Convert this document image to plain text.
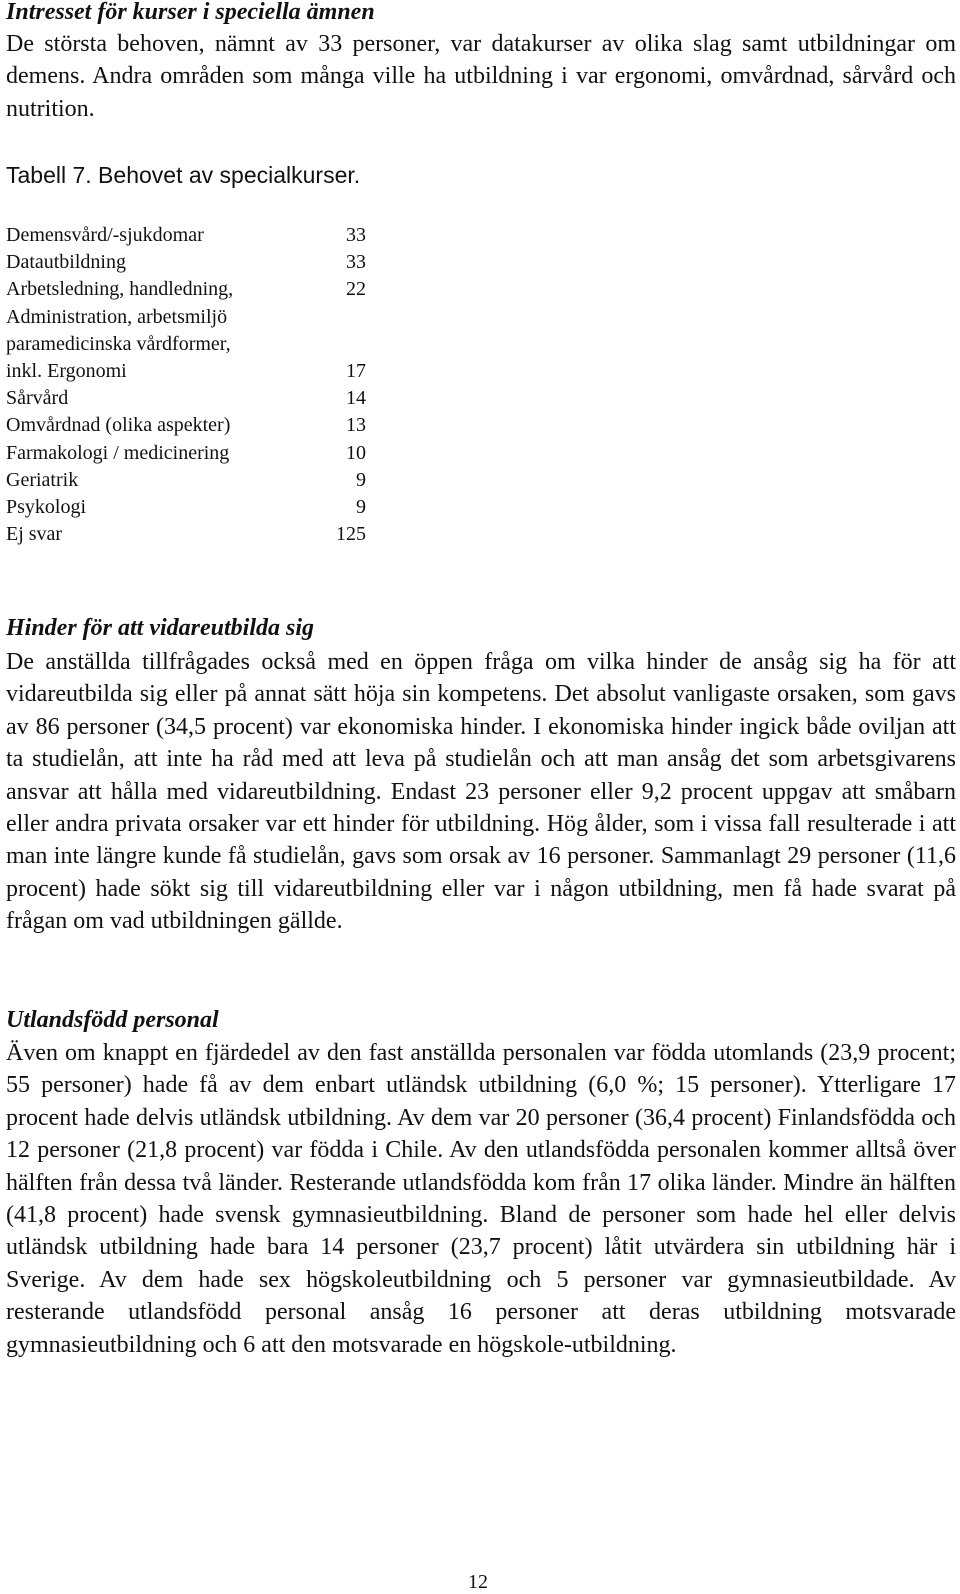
Intresset för kurser i speciella ämnen

De största behoven, nämnt av 33 personer, var datakurser av olika slag samt utbildningar om demens. Andra områden som många ville ha utbildning i var ergonomi, omvårdnad, sårvård och nutrition.

Tabell 7. Behovet av specialkurser.

Demensvård/-sjukdomar	33
Datautbildning	33
Arbetsledning, handledning,	22
Administration, arbetsmiljö
paramedicinska vårdformer,
inkl. Ergonomi	17
Sårvård	14
Omvårdnad (olika aspekter)	13
Farmakologi / medicinering	10
Geriatrik	9
Psykologi	9
Ej svar	125
Hinder för att vidareutbilda sig

De anställda tillfrågades också med en öppen fråga om vilka hinder de ansåg sig ha för att vidareutbilda sig eller på annat sätt höja sin kompetens. Det absolut vanligaste orsaken, som gavs av 86 personer (34,5 procent) var ekonomiska hinder. I ekonomiska hinder ingick både oviljan att ta studielån, att inte ha råd med att leva på studielån och att man ansåg det som arbetsgivarens ansvar att hålla med vidareutbildning. Endast 23 personer eller 9,2 procent uppgav att småbarn eller andra privata orsaker var ett hinder för utbildning. Hög ålder, som i vissa fall resulterade i att man inte längre kunde få studielån, gavs som orsak av 16 personer. Sammanlagt 29 personer (11,6 procent) hade sökt sig till vidareutbildning eller var i någon utbildning, men få hade svarat på frågan om vad utbildningen gällde.

Utlandsfödd personal

Även om knappt en fjärdedel av den fast anställda personalen var födda utomlands (23,9 procent; 55 personer) hade få av dem enbart utländsk utbildning (6,0 %; 15 personer). Ytterligare 17 procent hade delvis utländsk utbildning. Av dem var 20 personer (36,4 procent) Finlandsfödda och 12 personer (21,8 procent) var födda i Chile. Av den utlandsfödda personalen kommer alltså över hälften från dessa två länder. Resterande utlandsfödda kom från 17 olika länder. Mindre än hälften (41,8 procent) hade svensk gymnasieutbildning. Bland de personer som hade hel eller delvis utländsk utbildning hade bara 14 personer (23,7 procent) låtit utvärdera sin utbildning här i Sverige. Av dem hade sex högskoleutbildning och 5 personer var gymnasieutbildade. Av resterande utlandsfödd personal ansåg 16 personer att deras utbildning motsvarade gymnasieutbildning och 6 att den motsvarade en högskole-utbildning.

12
